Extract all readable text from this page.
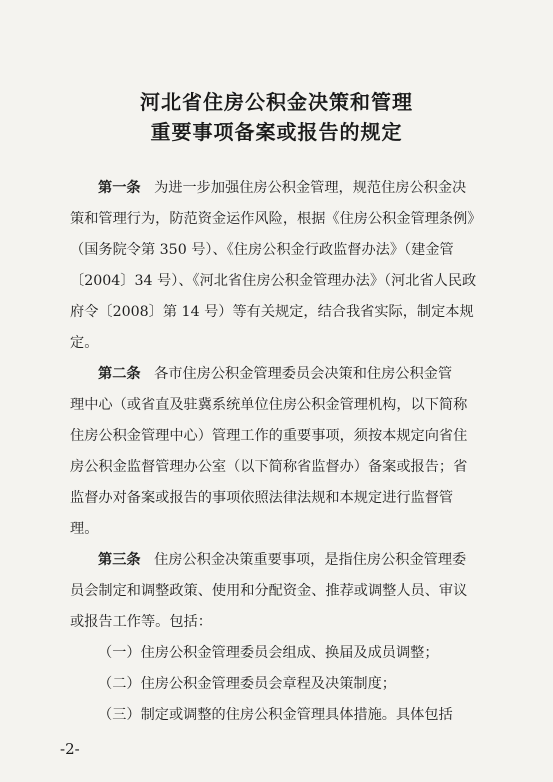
河北省住房公积金决策和管理
重要事项备案或报告的规定
第一条 为进一步加强住房公积金管理，规范住房公积金决
策和管理行为，防范资金运作风险，根据《住房公积金管理条例》
（国务院令第 350 号）、《住房公积金行政监督办法》（建金管
〔2004〕34 号）、《河北省住房公积金管理办法》（河北省人民政
府令〔2008〕第 14 号）等有关规定，结合我省实际，制定本规
定。
第二条 各市住房公积金管理委员会决策和住房公积金管
理中心（或省直及驻冀系统单位住房公积金管理机构，以下简称
住房公积金管理中心）管理工作的重要事项，须按本规定向省住
房公积金监督管理办公室（以下简称省监督办）备案或报告；省
监督办对备案或报告的事项依照法律法规和本规定进行监督管
理。
第三条 住房公积金决策重要事项，是指住房公积金管理委
员会制定和调整政策、使用和分配资金、推荐或调整人员、审议
或报告工作等。包括：
（一）住房公积金管理委员会组成、换届及成员调整；
（二）住房公积金管理委员会章程及决策制度；
（三）制定或调整的住房公积金管理具体措施。具体包括
-2-
